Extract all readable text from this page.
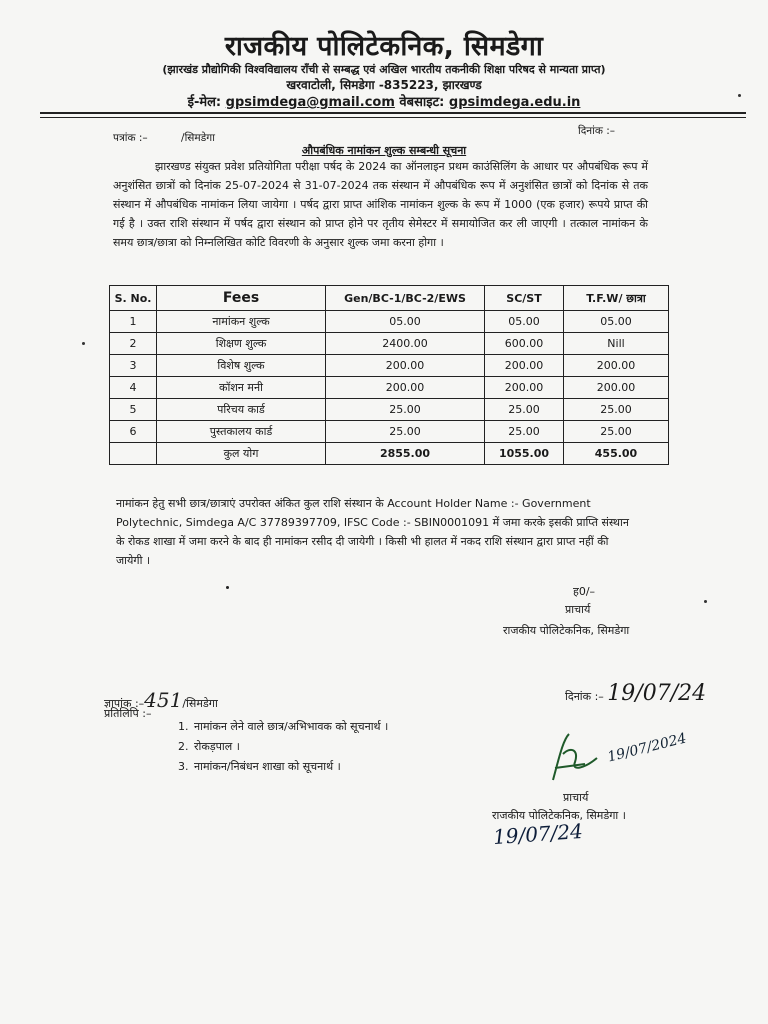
राजकीय पोलिटेकनिक, सिमडेगा
(झारखंड प्रौद्योगिकी विश्वविद्यालय राँची से सम्बद्ध एवं अखिल भारतीय तकनीकी शिक्षा परिषद से मान्यता प्राप्त)
खरवाटोली, सिमडेगा -835223, झारखण्ड
ई-मेल: gpsimdega@gmail.com वेबसाइट: gpsimdega.edu.in
पत्रांक :–          /सिमडेगा
दिनांक :–
औपबंधिक नामांकन शुल्क सम्बन्धी सूचना
झारखण्ड संयुक्त प्रवेश प्रतियोगिता परीक्षा पर्षद के 2024 का ऑनलाइन प्रथम काउंसिलिंग के आधार पर औपबंधिक रूप में अनुशंसित छात्रों को दिनांक 25-07-2024 से 31-07-2024 तक संस्थान में औपबंधिक रूप में अनुशंसित छात्रों को दिनांक से तक संस्थान में औपबंधिक नामांकन लिया जायेगा । पर्षद द्वारा प्राप्त आंशिक नामांकन शुल्क के रूप में 1000 (एक हजार) रूपये प्राप्त की गई है । उक्त राशि संस्थान में पर्षद द्वारा संस्थान को प्राप्त होने पर तृतीय सेमेस्टर में समायोजित कर ली जाएगी । तत्काल नामांकन के समय छात्र/छात्रा को निम्नलिखित कोटि विवरणी के अनुसार शुल्क जमा करना होगा ।
S. No.	Fees	Gen/BC-1/BC-2/EWS	SC/ST	T.F.W/ छात्रा
1	नामांकन शुल्क	05.00	05.00	05.00
2	शिक्षण शुल्क	2400.00	600.00	Nill
3	विशेष शुल्क	200.00	200.00	200.00
4	कॉशन मनी	200.00	200.00	200.00
5	परिचय कार्ड	25.00	25.00	25.00
6	पुस्तकालय कार्ड	25.00	25.00	25.00
	कुल योग	2855.00	1055.00	455.00
नामांकन हेतु सभी छात्र/छात्राएं उपरोक्त अंकित कुल राशि संस्थान के Account Holder Name :- Government Polytechnic, Simdega A/C 37789397709, IFSC Code :- SBIN0001091 में जमा करके इसकी प्राप्ति संस्थान के रोकड शाखा में जमा करने के बाद ही नामांकन रसीद दी जायेगी । किसी भी हालत में नकद राशि संस्थान द्वारा प्राप्त नहीं की जायेगी ।
ह0/–
प्राचार्य
राजकीय पोलिटेकनिक, सिमडेगा
ज्ञापांक :–451/सिमडेगा
दिनांक :– 19/07/24
प्रतिलिपि :–
1. नामांकन लेने वाले छात्र/अभिभावक को सूचनार्थ ।
2. रोकड़पाल ।
3. नामांकन/निबंधन शाखा को सूचनार्थ ।
19/07/2024
प्राचार्य
राजकीय पोलिटेकनिक, सिमडेगा ।
19/07/24
